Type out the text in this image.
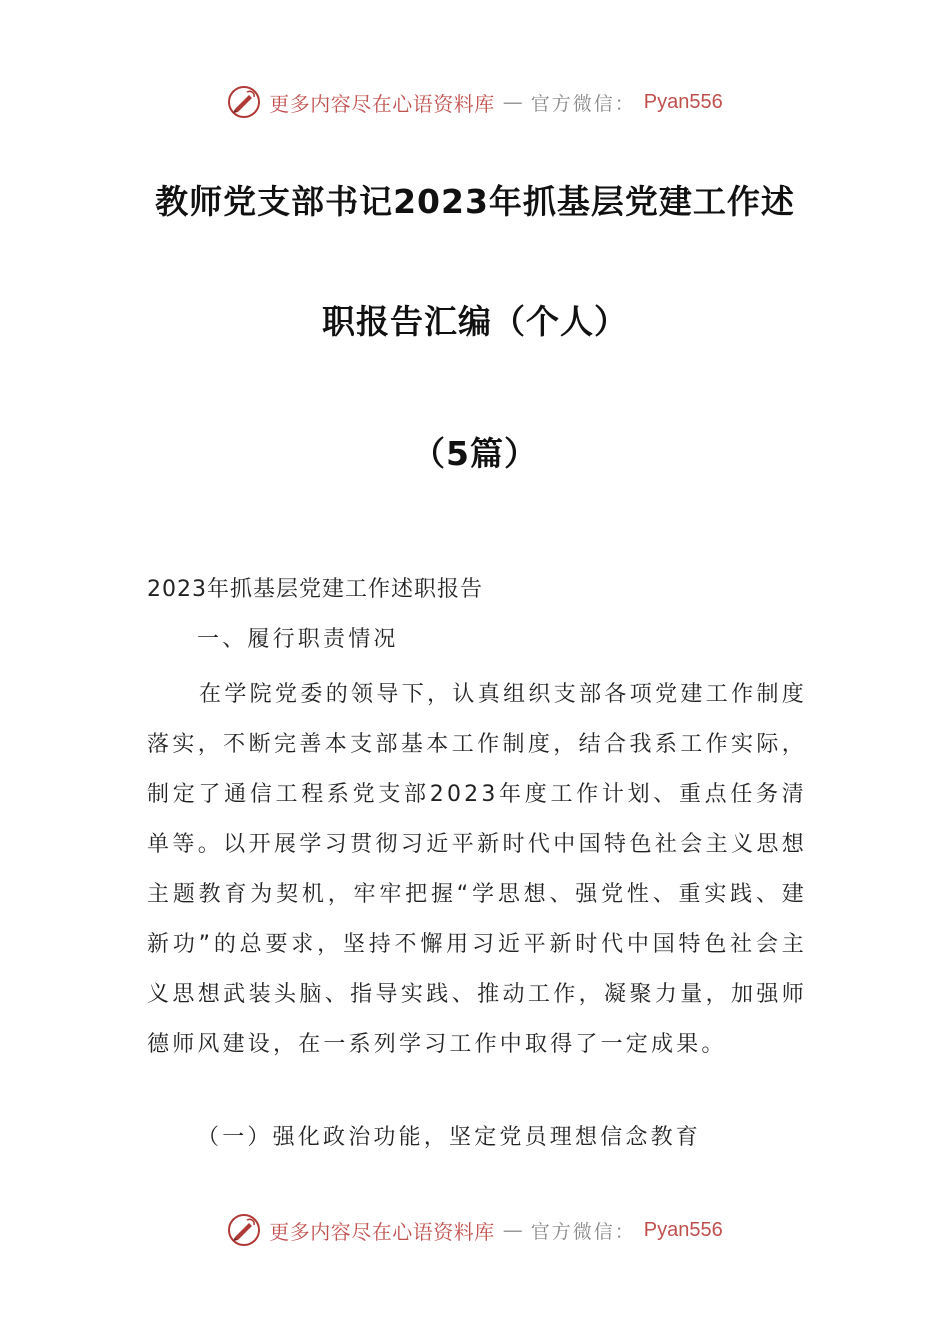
更多内容尽在心语资料库 — 官方微信： Pyan556
教师党支部书记2023年抓基层党建工作述
职报告汇编（个人）
（5篇）
2023年抓基层党建工作述职报告
一、履行职责情况
在学院党委的领导下，认真组织支部各项党建工作制度落实，不断完善本支部基本工作制度，结合我系工作实际，制定了通信工程系党支部2023年度工作计划、重点任务清单等。以开展学习贯彻习近平新时代中国特色社会主义思想主题教育为契机，牢牢把握“学思想、强党性、重实践、建新功”的总要求，坚持不懈用习近平新时代中国特色社会主义思想武装头脑、指导实践、推动工作，凝聚力量，加强师德师风建设，在一系列学习工作中取得了一定成果。
（一）强化政治功能，坚定党员理想信念教育
更多内容尽在心语资料库 — 官方微信： Pyan556
